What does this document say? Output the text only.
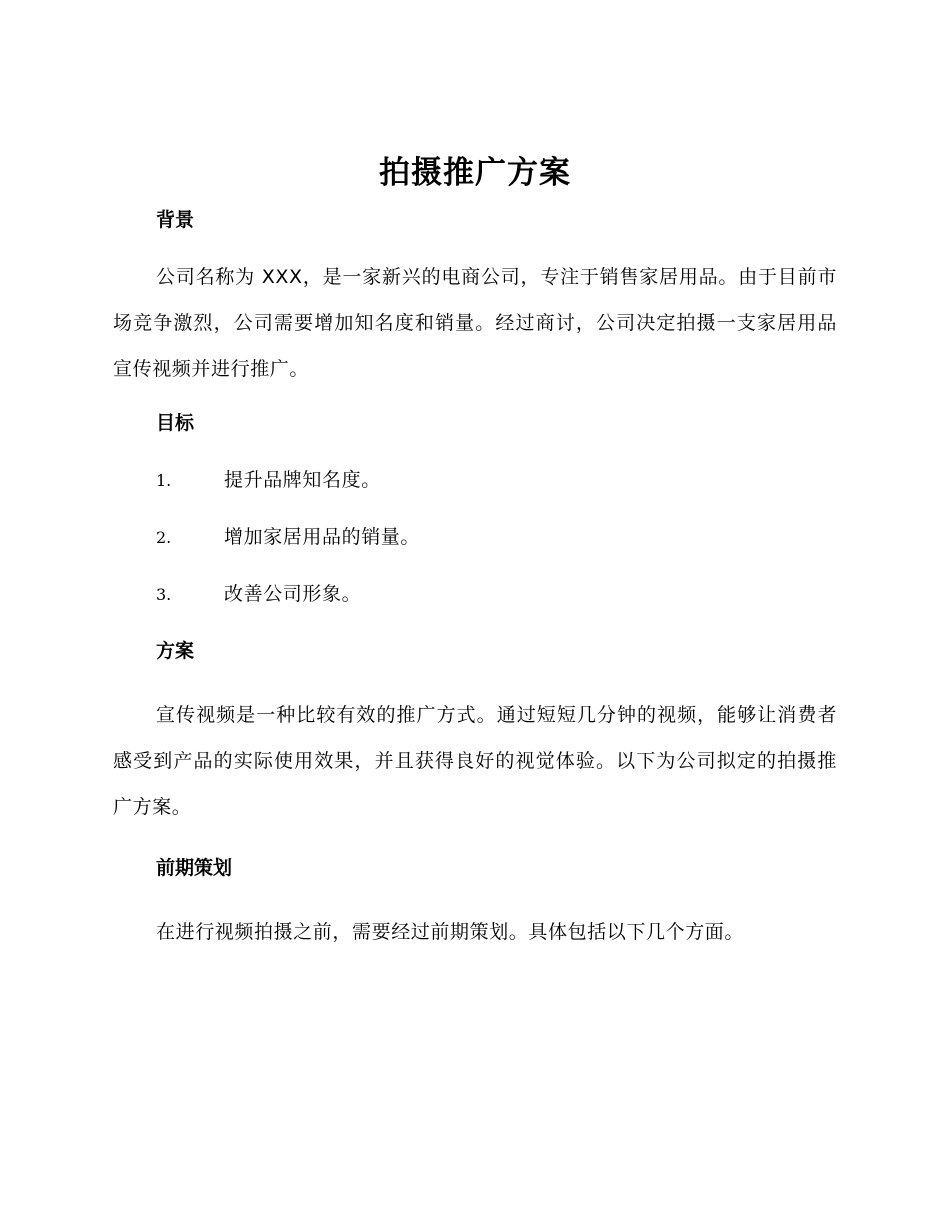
拍摄推广方案
背景

公司名称为 XXX，是一家新兴的电商公司，专注于销售家居用品。由于目前市场竞争激烈，公司需要增加知名度和销量。经过商讨，公司决定拍摄一支家居用品宣传视频并进行推广。

目标
1.	提升品牌知名度。
2.	增加家居用品的销量。
3.	改善公司形象。
方案

宣传视频是一种比较有效的推广方式。通过短短几分钟的视频，能够让消费者感受到产品的实际使用效果，并且获得良好的视觉体验。以下为公司拟定的拍摄推广方案。

前期策划

在进行视频拍摄之前，需要经过前期策划。具体包括以下几个方面。
